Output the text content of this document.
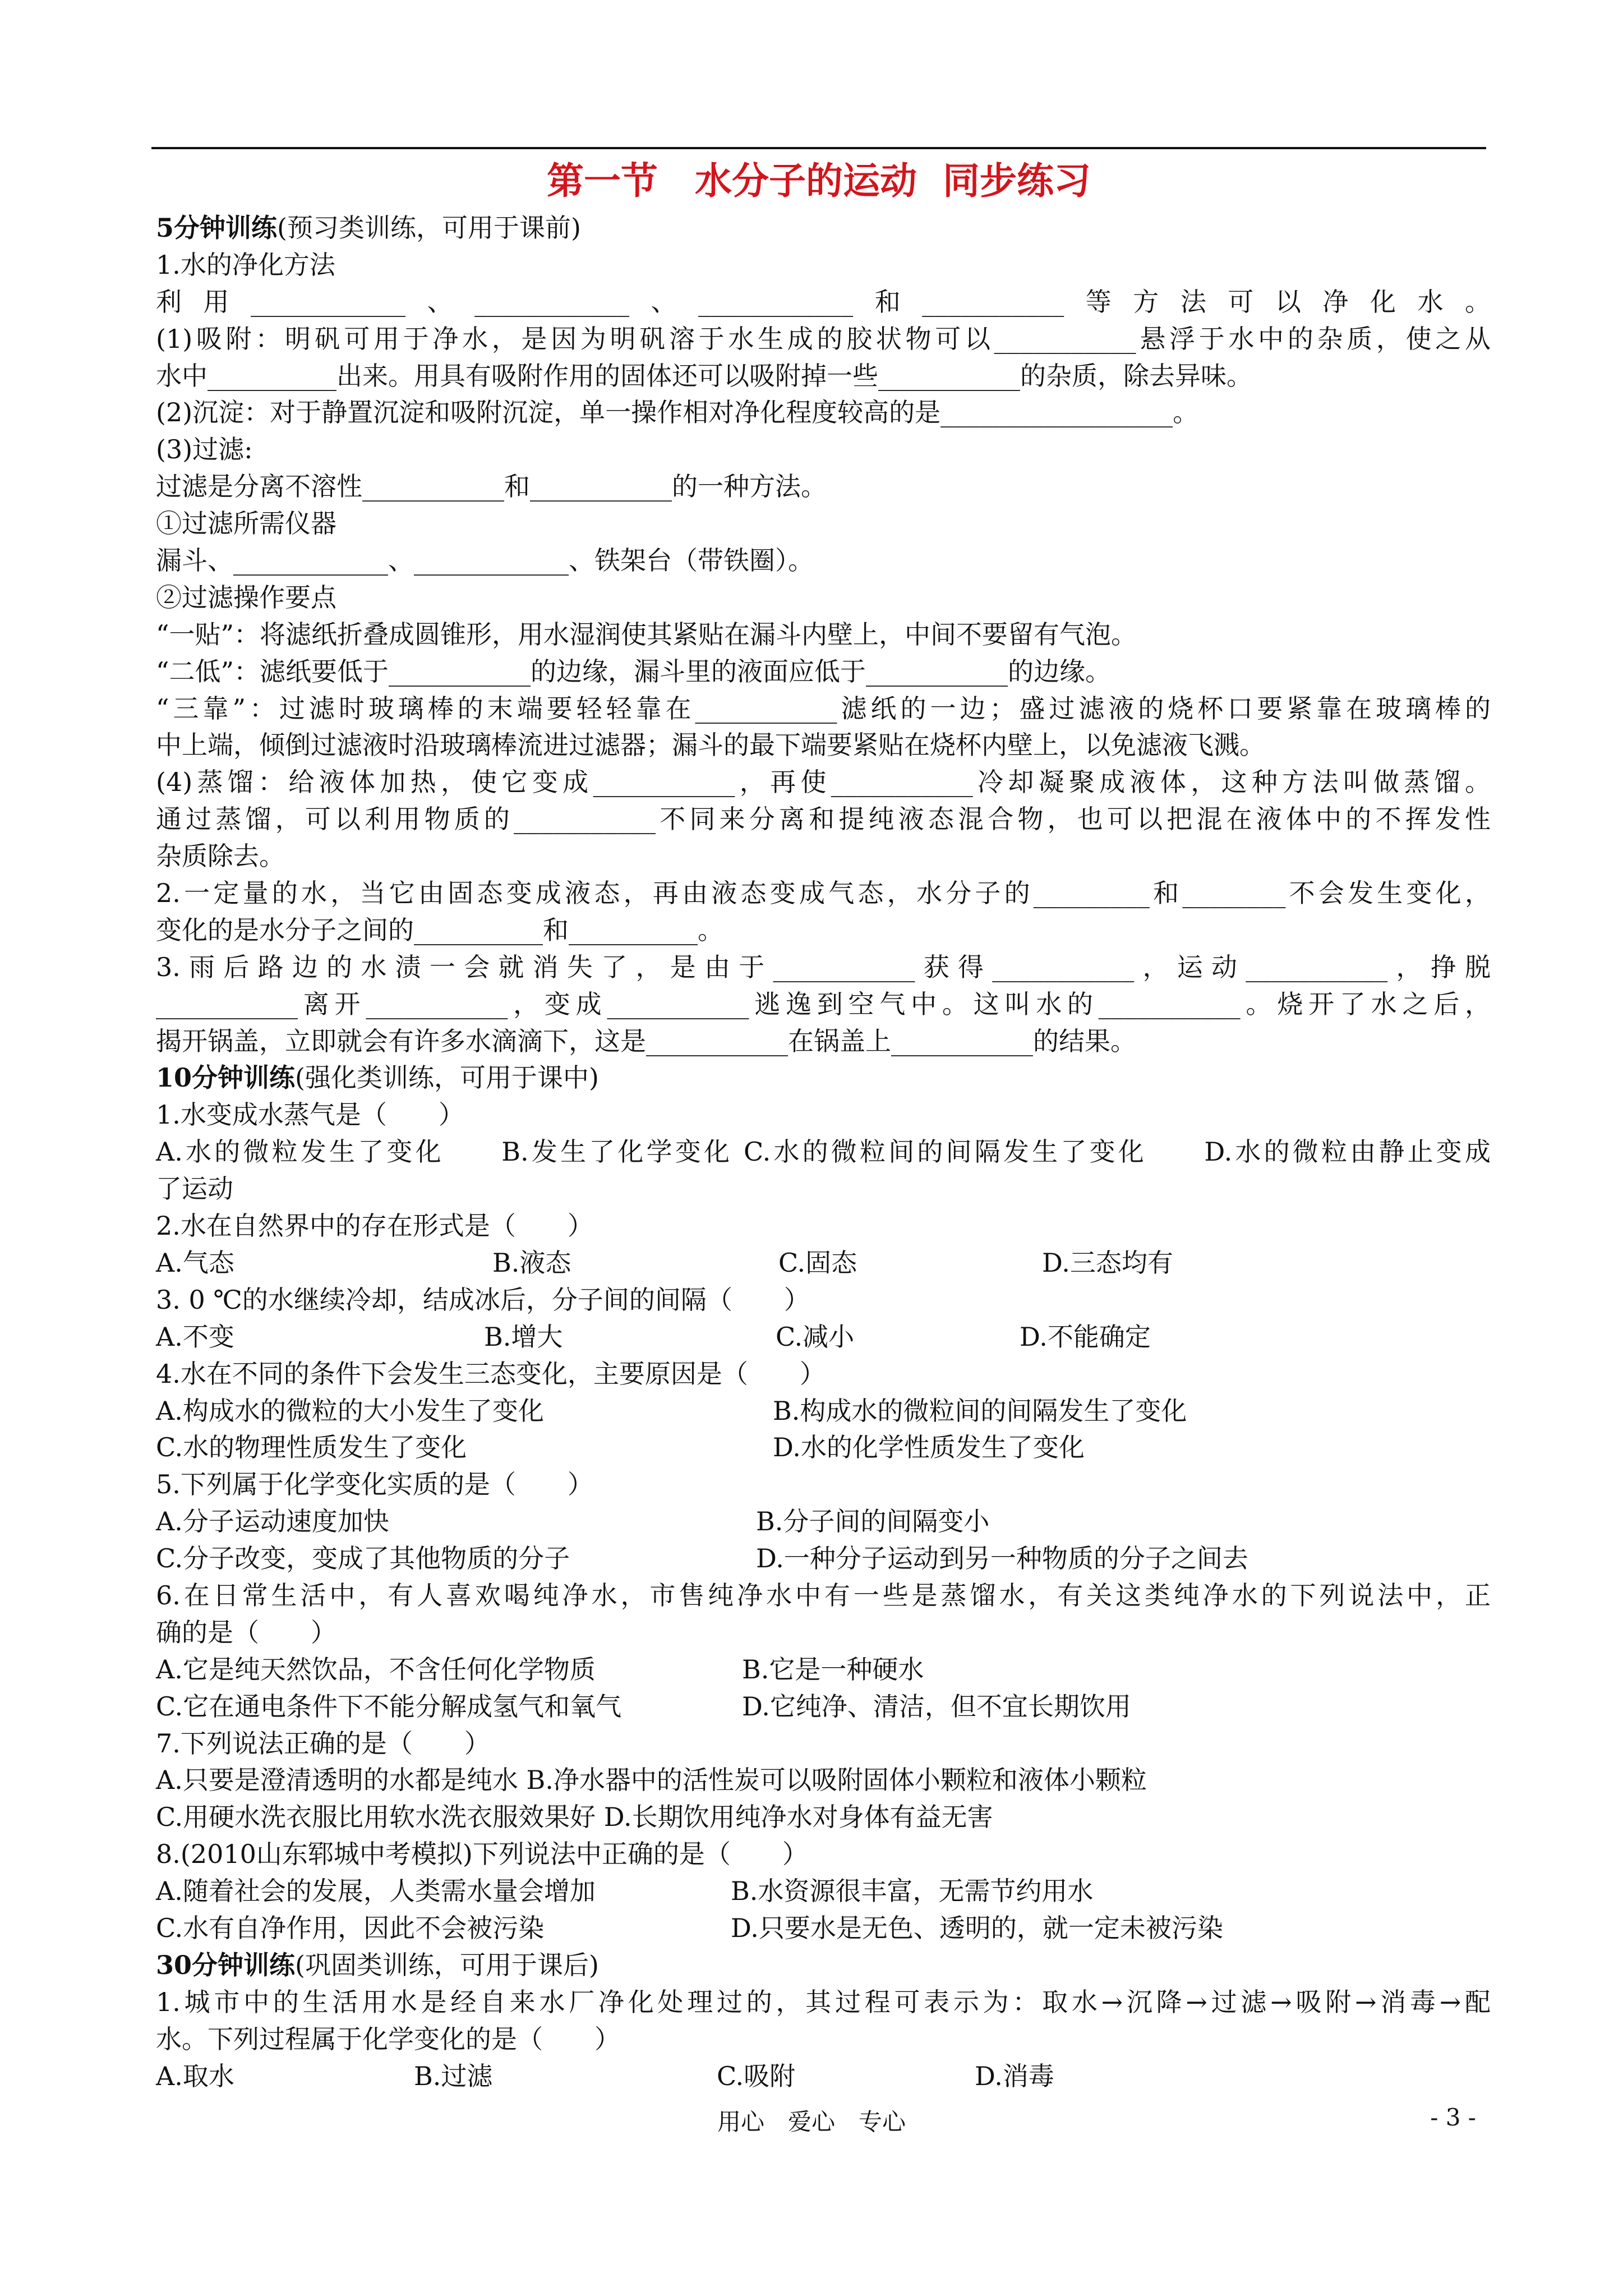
第一节　水分子的运动  同步练习
5分钟训练(预习类训练，可用于课前)
1.水的净化方法
利用____________、____________、____________和___________等方法可以净化水。
(1)吸附：明矾可用于净水，是因为明矾溶于水生成的胶状物可以___________悬浮于水中的杂质，使之从
水中__________出来。用具有吸附作用的固体还可以吸附掉一些___________的杂质，除去异味。
(2)沉淀：对于静置沉淀和吸附沉淀，单一操作相对净化程度较高的是__________________。
(3)过滤:
过滤是分离不溶性___________和___________的一种方法。
①过滤所需仪器
漏斗、____________、____________、铁架台（带铁圈）。
②过滤操作要点
“一贴”：将滤纸折叠成圆锥形，用水湿润使其紧贴在漏斗内壁上，中间不要留有气泡。
“二低”：滤纸要低于___________的边缘，漏斗里的液面应低于___________的边缘。
“三靠”：过滤时玻璃棒的末端要轻轻靠在___________滤纸的一边；盛过滤液的烧杯口要紧靠在玻璃棒的
中上端，倾倒过滤液时沿玻璃棒流进过滤器；漏斗的最下端要紧贴在烧杯内壁上，以免滤液飞溅。
(4)蒸馏：给液体加热，使它变成___________，再使___________冷却凝聚成液体，这种方法叫做蒸馏。
通过蒸馏，可以利用物质的___________不同来分离和提纯液态混合物，也可以把混在液体中的不挥发性
杂质除去。
2.一定量的水，当它由固态变成液态，再由液态变成气态，水分子的_________和________不会发生变化，
变化的是水分子之间的__________和__________。
3.雨后路边的水渍一会就消失了，是由于___________获得___________，运动___________，挣脱
___________离开___________，变成___________逃逸到空气中。这叫水的___________。烧开了水之后，
揭开锅盖，立即就会有许多水滴滴下，这是___________在锅盖上___________的结果。
10分钟训练(强化类训练，可用于课中)
1.水变成水蒸气是（　　）
A.水的微粒发生了变化　　B.发生了化学变化 C.水的微粒间的间隔发生了变化　　D.水的微粒由静止变成
了运动
2.水在自然界中的存在形式是（　　）
A.气态	B.液态	C.固态	D.三态均有
3. 0 ℃的水继续冷却，结成冰后，分子间的间隔（　　）
A.不变	B.增大	C.减小	D.不能确定
4.水在不同的条件下会发生三态变化，主要原因是（　　）
A.构成水的微粒的大小发生了变化	B.构成水的微粒间的间隔发生了变化
C.水的物理性质发生了变化	D.水的化学性质发生了变化
5.下列属于化学变化实质的是（　　）
A.分子运动速度加快	B.分子间的间隔变小
C.分子改变，变成了其他物质的分子	D.一种分子运动到另一种物质的分子之间去
6.在日常生活中，有人喜欢喝纯净水，市售纯净水中有一些是蒸馏水，有关这类纯净水的下列说法中，正
确的是（　　）
A.它是纯天然饮品，不含任何化学物质	B.它是一种硬水
C.它在通电条件下不能分解成氢气和氧气	D.它纯净、清洁，但不宜长期饮用
7.下列说法正确的是（　　）
A.只要是澄清透明的水都是纯水 B.净水器中的活性炭可以吸附固体小颗粒和液体小颗粒
C.用硬水洗衣服比用软水洗衣服效果好 D.长期饮用纯净水对身体有益无害
8.(2010山东郓城中考模拟)下列说法中正确的是（　　）
A.随着社会的发展，人类需水量会增加	B.水资源很丰富，无需节约用水
C.水有自净作用，因此不会被污染	D.只要水是无色、透明的，就一定未被污染
30分钟训练(巩固类训练，可用于课后)
1.城市中的生活用水是经自来水厂净化处理过的，其过程可表示为：取水→沉降→过滤→吸附→消毒→配
水。下列过程属于化学变化的是（　　）
A.取水	B.过滤	C.吸附	D.消毒
用心　爱心　专心	- 3 -
